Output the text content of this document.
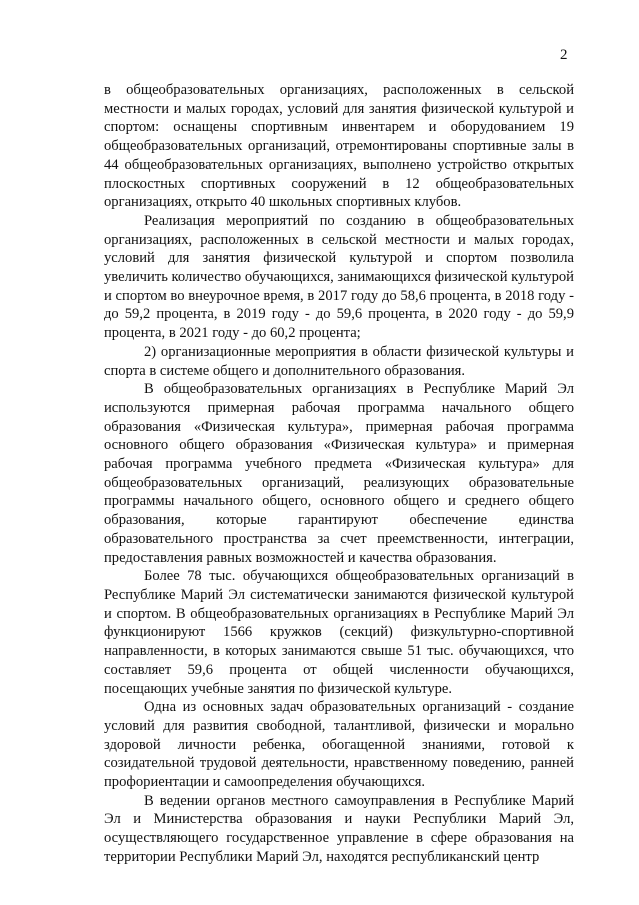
2

в общеобразовательных организациях, расположенных в сельской местности и малых городах, условий для занятия физической культурой и спортом: оснащены спортивным инвентарем и оборудованием 19 общеобразовательных организаций, отремонтированы спортивные залы в 44 общеобразовательных организациях, выполнено устройство открытых плоскостных спортивных сооружений в 12 общеобразовательных организациях, открыто 40 школьных спортивных клубов.

Реализация мероприятий по созданию в общеобразовательных организациях, расположенных в сельской местности и малых городах, условий для занятия физической культурой и спортом позволила увеличить количество обучающихся, занимающихся физической культурой и спортом во внеурочное время, в 2017 году до 58,6 процента, в 2018 году - до 59,2 процента, в 2019 году - до 59,6 процента, в 2020 году - до 59,9 процента, в 2021 году - до 60,2 процента;

2) организационные мероприятия в области физической культуры и спорта в системе общего и дополнительного образования.

В общеобразовательных организациях в Республике Марий Эл используются примерная рабочая программа начального общего образования «Физическая культура», примерная рабочая программа основного общего образования «Физическая культура» и примерная рабочая программа учебного предмета «Физическая культура» для общеобразовательных организаций, реализующих образовательные программы начального общего, основного общего и среднего общего образования, которые гарантируют обеспечение единства образовательного пространства за счет преемственности, интеграции, предоставления равных возможностей и качества образования.

Более 78 тыс. обучающихся общеобразовательных организаций в Республике Марий Эл систематически занимаются физической культурой и спортом. В общеобразовательных организациях в Республике Марий Эл функционируют 1566 кружков (секций) физкультурно-спортивной направленности, в которых занимаются свыше 51 тыс. обучающихся, что составляет 59,6 процента от общей численности обучающихся, посещающих учебные занятия по физической культуре.

Одна из основных задач образовательных организаций - создание условий для развития свободной, талантливой, физически и морально здоровой личности ребенка, обогащенной знаниями, готовой к созидательной трудовой деятельности, нравственному поведению, ранней профориентации и самоопределения обучающихся.

В ведении органов местного самоуправления в Республике Марий Эл и Министерства образования и науки Республики Марий Эл, осуществляющего государственное управление в сфере образования на территории Республики Марий Эл, находятся республиканский центр
